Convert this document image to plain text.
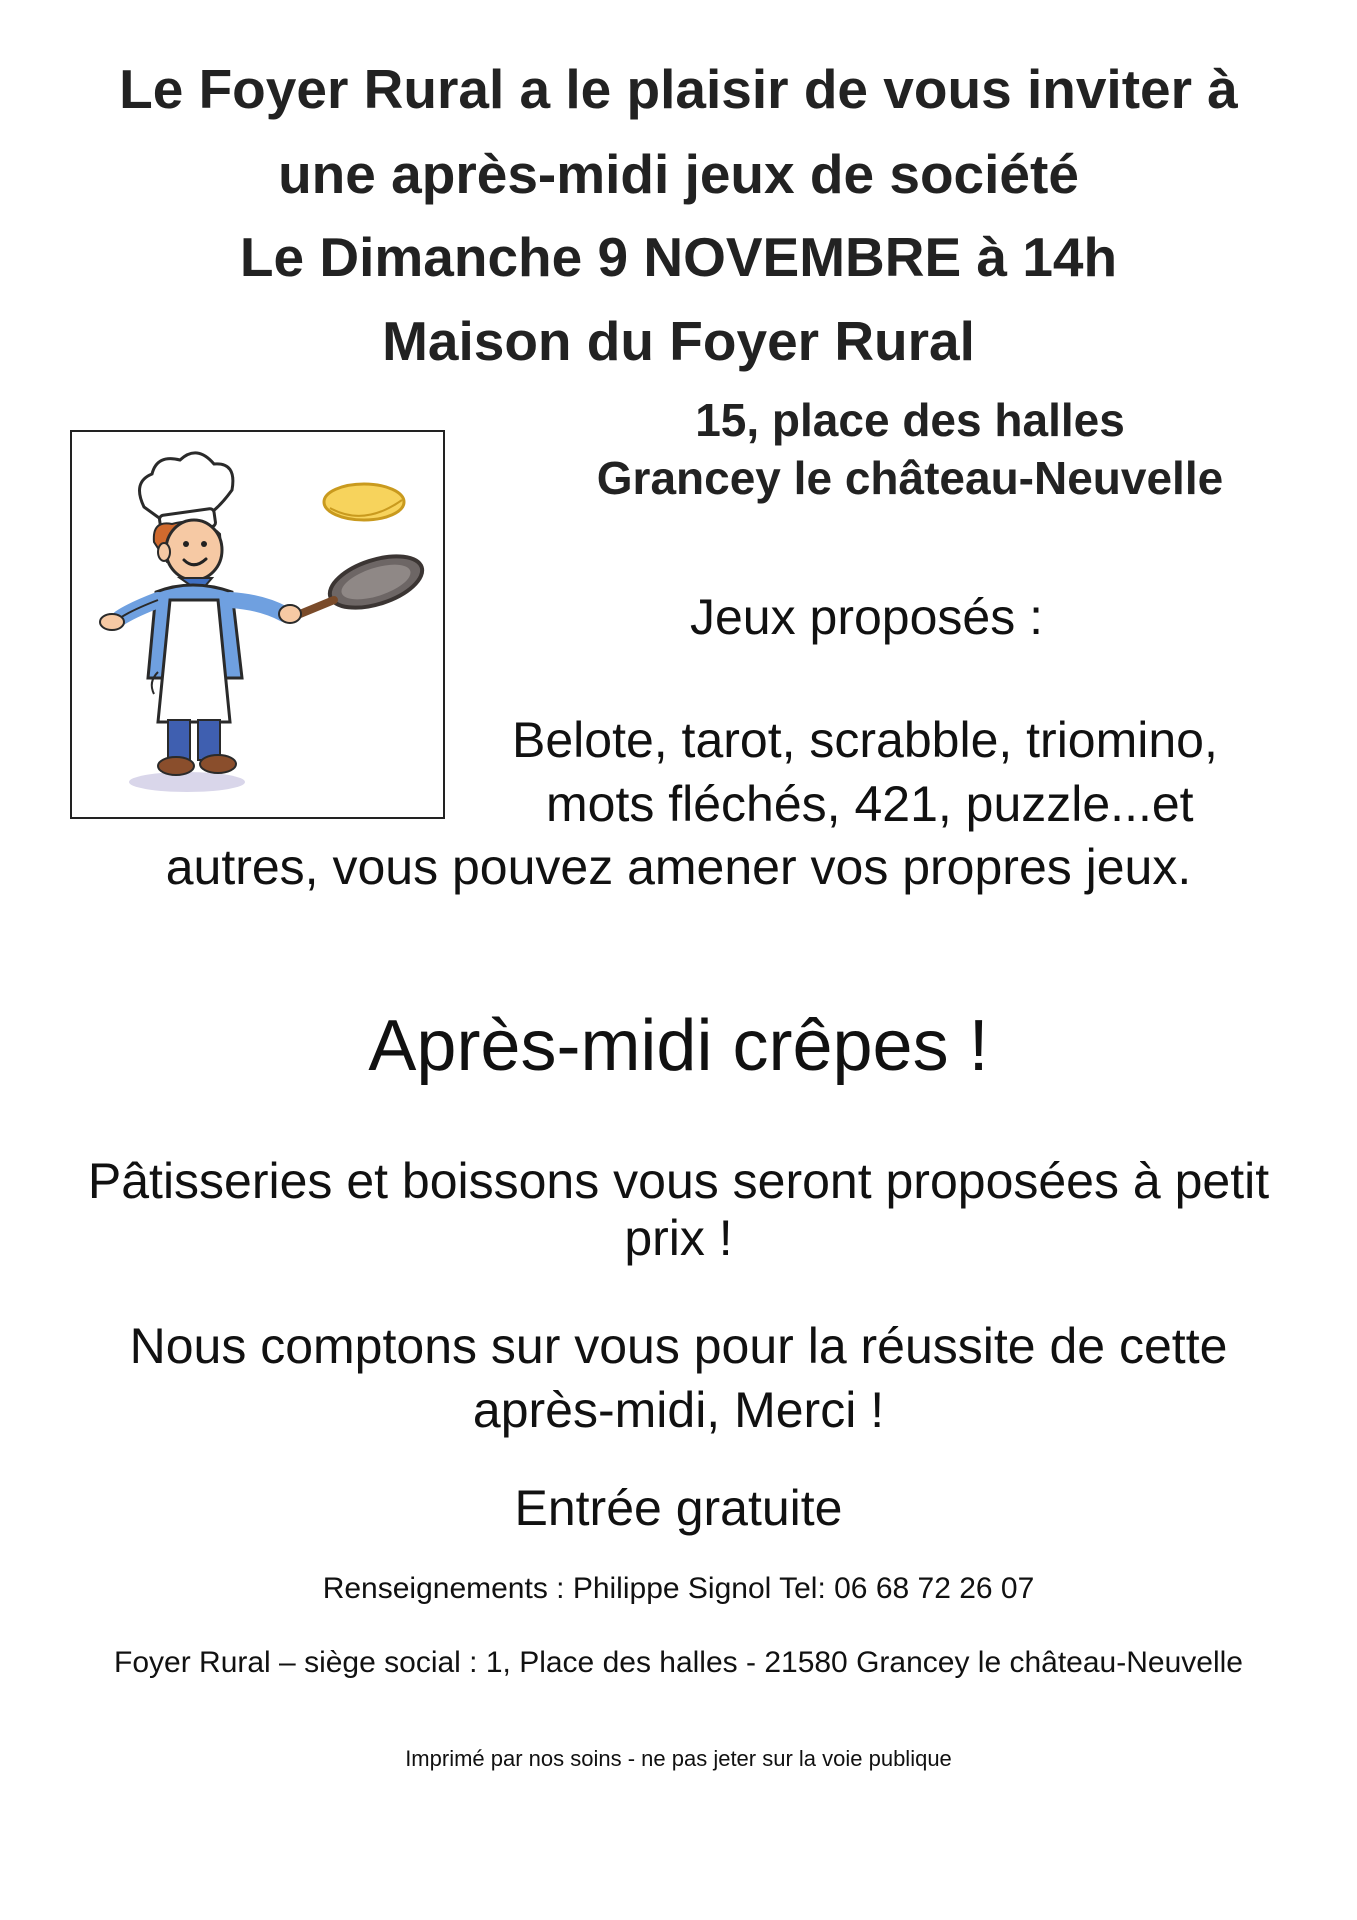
Le Foyer Rural a le plaisir de vous inviter à
une après-midi jeux de société
Le Dimanche 9 NOVEMBRE à 14h
Maison du Foyer Rural
15, place des halles
Grancey le château-Neuvelle
Jeux proposés :
Belote, tarot, scrabble, triomino,
mots fléchés, 421, puzzle...et
autres, vous pouvez amener vos propres jeux.
Après-midi crêpes !
Pâtisseries et boissons vous seront proposées à petit
prix !
Nous comptons sur vous pour la réussite de cette
après-midi, Merci !
Entrée gratuite
Renseignements : Philippe Signol Tel: 06 68 72 26 07
Foyer Rural – siège social : 1, Place des halles - 21580 Grancey le château-Neuvelle
Imprimé par nos soins - ne pas jeter sur la voie publique
